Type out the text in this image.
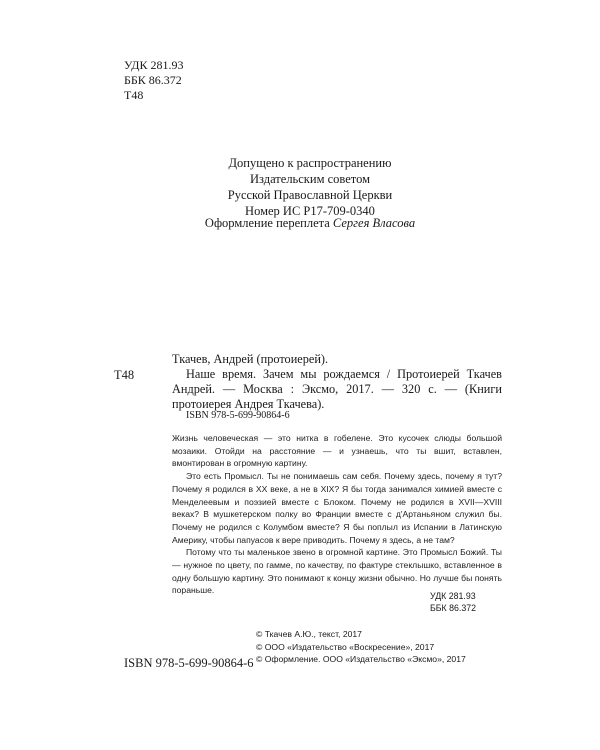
УДК 281.93
ББК 86.372
Т48
Допущено к распространению
Издательским советом
Русской Православной Церкви
Номер ИС Р17-709-0340
Оформление переплета Сергея Власова
Т48
Ткачев, Андрей (протоиерей).
Наше время. Зачем мы рождаемся / Протоиерей Ткачев Андрей. — Москва : Эксмо, 2017. — 320 с. — (Книги протоиерея Андрея Ткачева).
ISBN 978-5-699-90864-6

Жизнь человеческая — это нитка в гобелене. Это кусочек слюды большой мозаики. Отойди на расстояние — и узнаешь, что ты вшит, вставлен, вмонтирован в огромную картину.

Это есть Промысл. Ты не понимаешь сам себя. Почему здесь, почему я тут? Почему я родился в XX веке, а не в XIX? Я бы тогда занимался химией вместе с Менделеевым и поэзией вместе с Блоком. Почему не родился в XVII—XVIII веках? В мушкетерском полку во Франции вместе с д'Артаньяном служил бы. Почему не родился с Колумбом вместе? Я бы поплыл из Испании в Латинскую Америку, чтобы папуасов к вере приводить. Почему я здесь, а не там?

Потому что ты маленькое звено в огромной картине. Это Промысл Божий. Ты — нужное по цвету, по гамме, по качеству, по фактуре стеклышко, вставленное в одну большую картину. Это понимают к концу жизни обычно. Но лучше бы понять пораньше.

УДК 281.93
ББК 86.372
ISBN 978-5-699-90864-6
© Ткачев А.Ю., текст, 2017
© ООО «Издательство «Воскресение», 2017
© Оформление. ООО «Издательство «Эксмо», 2017
